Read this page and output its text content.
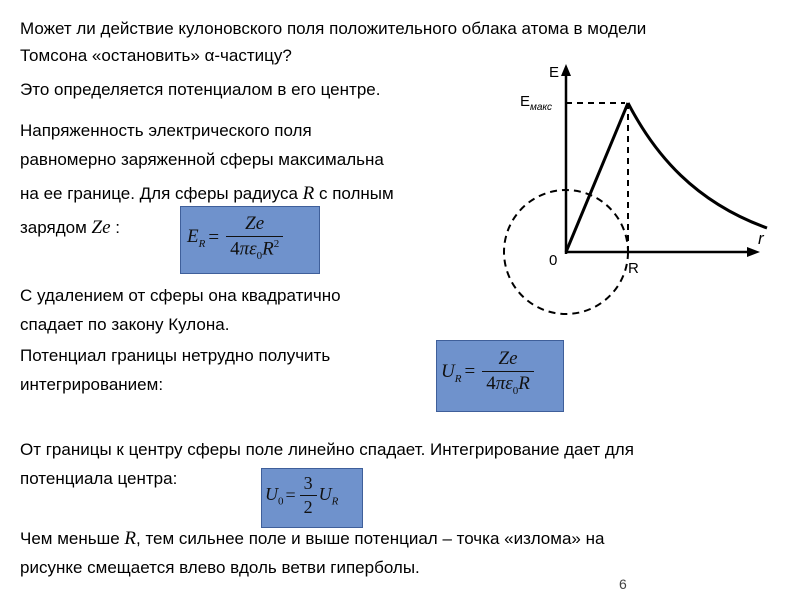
Может ли действие кулоновского поля положительного облака атома в модели
Томсона «остановить» α-частицу?
Это определяется потенциалом в его центре.
Напряженность электрического поля
равномерно заряженной сферы максимальна
на ее границе. Для сферы радиуса R с полным
зарядом Ze :	$E_R = \frac{Ze}{4\pi\varepsilon_0R^2}$
С удалением от сферы она квадратично
спадает по закону Кулона.
Потенциал границы нетрудно получить
интегрированием:
$U_R = \frac{Ze}{4\pi\varepsilon_0R}$
От границы к центру сферы поле линейно спадает. Интегрирование дает для
потенциала центра:
$U_0 = \frac{3}{2} U_R$
Чем меньше R, тем сильнее поле и выше потенциал – точка «излома» на
рисунке смещается влево вдоль ветви гиперболы.
6
E
$E_{макс}$
r
0	R
